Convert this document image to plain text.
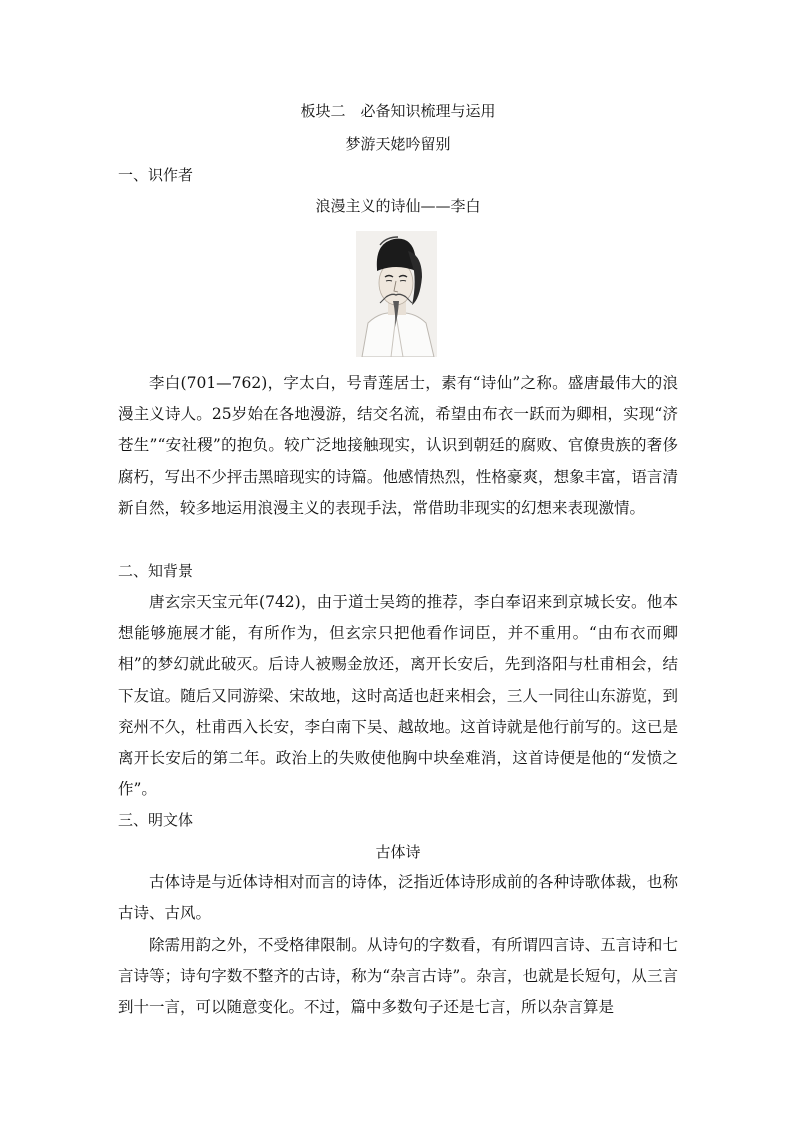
板块二　必备知识梳理与运用
梦游天姥吟留别
一、识作者
浪漫主义的诗仙——李白

李白(701—762)，字太白，号青莲居士，素有“诗仙”之称。盛唐最伟大的浪漫主义诗人。25岁始在各地漫游，结交名流，希望由布衣一跃而为卿相，实现“济苍生”“安社稷”的抱负。较广泛地接触现实，认识到朝廷的腐败、官僚贵族的奢侈腐朽，写出不少抨击黑暗现实的诗篇。他感情热烈，性格豪爽，想象丰富，语言清新自然，较多地运用浪漫主义的表现手法，常借助非现实的幻想来表现激情。

二、知背景

唐玄宗天宝元年(742)，由于道士吴筠的推荐，李白奉诏来到京城长安。他本想能够施展才能，有所作为，但玄宗只把他看作词臣，并不重用。“由布衣而卿相”的梦幻就此破灭。后诗人被赐金放还，离开长安后，先到洛阳与杜甫相会，结下友谊。随后又同游梁、宋故地，这时高适也赶来相会，三人一同往山东游览，到兖州不久，杜甫西入长安，李白南下吴、越故地。这首诗就是他行前写的。这已是离开长安后的第二年。政治上的失败使他胸中块垒难消，这首诗便是他的“发愤之作”。

三、明文体
古体诗

古体诗是与近体诗相对而言的诗体，泛指近体诗形成前的各种诗歌体裁，也称古诗、古风。

除需用韵之外，不受格律限制。从诗句的字数看，有所谓四言诗、五言诗和七言诗等；诗句字数不整齐的古诗，称为“杂言古诗”。杂言，也就是长短句，从三言到十一言，可以随意变化。不过，篇中多数句子还是七言，所以杂言算是
